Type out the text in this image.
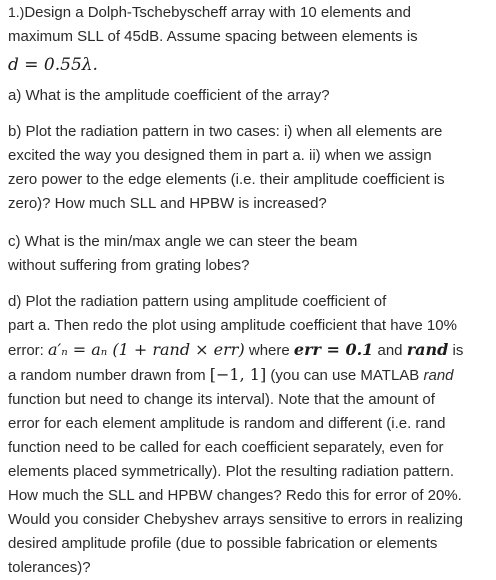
1.)Design a Dolph-Tschebyscheff array with 10 elements and
maximum SLL of 45dB. Assume spacing between elements is
d = 0.55λ.
a) What is the amplitude coefficient of the array?
b) Plot the radiation pattern in two cases: i) when all elements are
excited the way you designed them in part a. ii) when we assign
zero power to the edge elements (i.e. their amplitude coefficient is
zero)? How much SLL and HPBW is increased?
c) What is the min/max angle we can steer the beam
without suffering from grating lobes?
d) Plot the radiation pattern using amplitude coefficient of
part a. Then redo the plot using amplitude coefficient that have 10%
error: a′ₙ = aₙ (1 + rand × err) where err = 0.1 and rand is
a random number drawn from [−1, 1] (you can use MATLAB rand
function but need to change its interval). Note that the amount of
error for each element amplitude is random and different (i.e. rand
function need to be called for each coefficient separately, even for
elements placed symmetrically). Plot the resulting radiation pattern.
How much the SLL and HPBW changes? Redo this for error of 20%.
Would you consider Chebyshev arrays sensitive to errors in realizing
desired amplitude profile (due to possible fabrication or elements
tolerances)?
